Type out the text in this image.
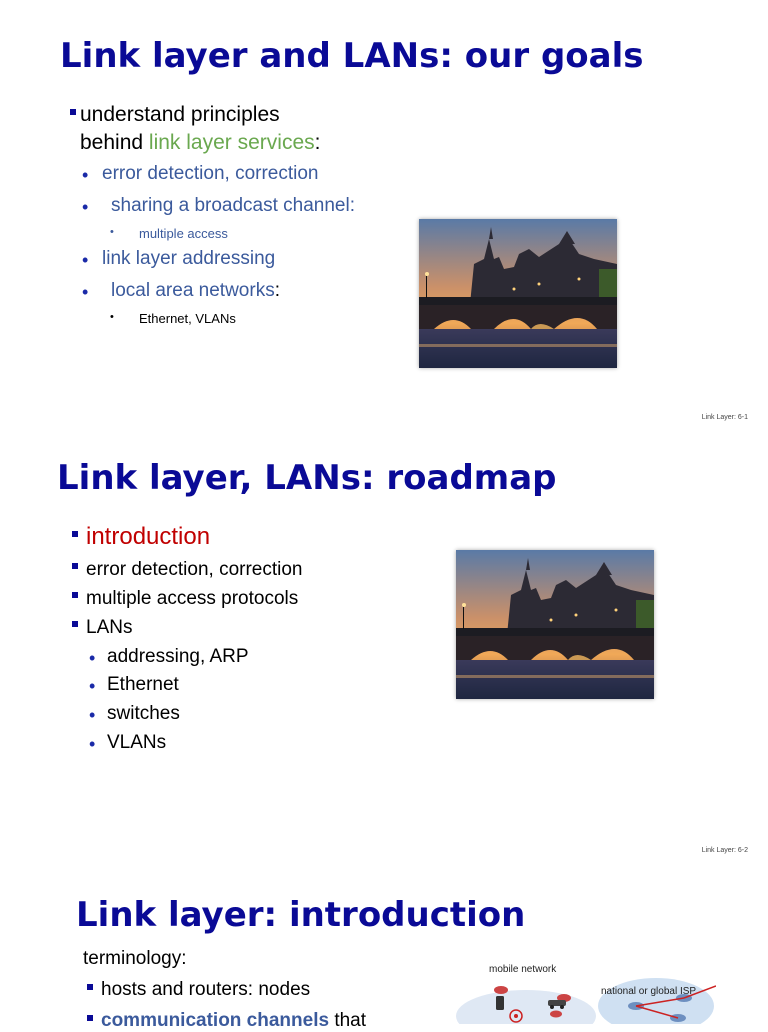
Link layer and LANs: our goals
understand principles
behind link layer services:
• error detection, correction
• sharing a broadcast channel:
• multiple access
• link layer addressing
• local area networks:
• Ethernet, VLANs
Link Layer: 6-1
Link layer, LANs: roadmap
introduction
error detection, correction
multiple access protocols
LANs
• addressing, ARP
• Ethernet
• switches
• VLANs
Link Layer: 6-2
Link layer: introduction
terminology:
hosts and routers: nodes
communication channels that
mobile network
national or global ISP
